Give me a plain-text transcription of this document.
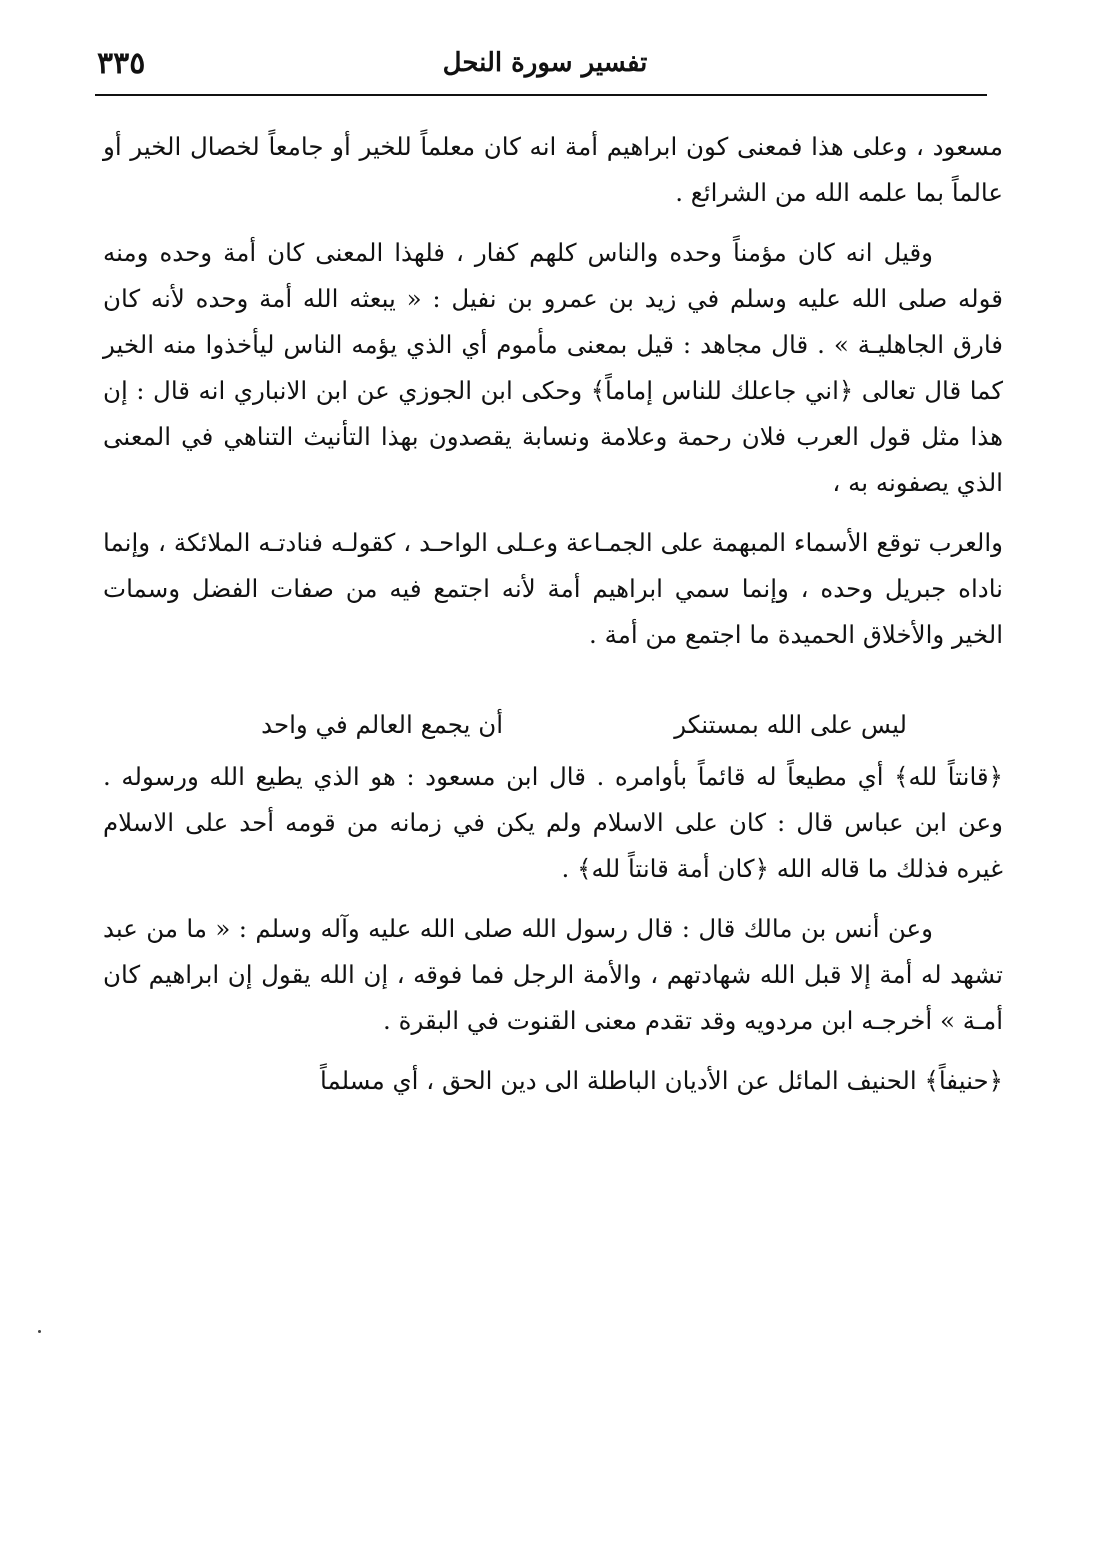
٣٣٥	تفسير سورة النحل

مسعود ، وعلى هذا فمعنى كون ابراهيم أمة انه كان معلماً للخير أو جامعاً لخصال الخير أو عالماً بما علمه الله من الشرائع .

وقيل انه كان مؤمناً وحده والناس كلهم كفار ، فلهذا المعنى كان أمة وحده ومنه قوله صلى الله عليه وسلم في زيد بن عمرو بن نفيل : « يبعثه الله أمة وحده لأنه كان فارق الجاهليـة » . قال مجاهد : قيل بمعنى مأموم أي الذي يؤمه الناس ليأخذوا منه الخير كما قال تعالى ﴿اني جاعلك للناس إماماً﴾ وحكى ابن الجوزي عن ابن الانباري انه قال : إن هذا مثل قول العرب فلان رحمة وعلامة ونسابة يقصدون بهذا التأنيث التناهي في المعنى الذي يصفونه به ،

والعرب توقع الأسماء المبهمة على الجمـاعة وعـلى الواحـد ، كقولـه فنادتـه الملائكة ، وإنما ناداه جبريل وحده ، وإنما سمي ابراهيم أمة لأنه اجتمع فيه من صفات الفضل وسمات الخير والأخلاق الحميدة ما اجتمع من أمة .

ليس على الله بمستنكر
أن يجمع العالم في واحد

﴿قانتاً لله﴾ أي مطيعاً له قائماً بأوامره . قال ابن مسعود : هو الذي يطيع الله ورسوله . وعن ابن عباس قال : كان على الاسلام ولم يكن في زمانه من قومه أحد على الاسلام غيره فذلك ما قاله الله ﴿كان أمة قانتاً لله﴾ .

وعن أنس بن مالك قال : قال رسول الله صلى الله عليه وآله وسلم : « ما من عبد تشهد له أمة إلا قبل الله شهادتهم ، والأمة الرجل فما فوقه ، إن الله يقول إن ابراهيم كان أمـة » أخرجـه ابن مردويه وقد تقدم معنى القنوت في البقرة .

﴿حنيفاً﴾ الحنيف المائل عن الأديان الباطلة الى دين الحق ، أي مسلماً
